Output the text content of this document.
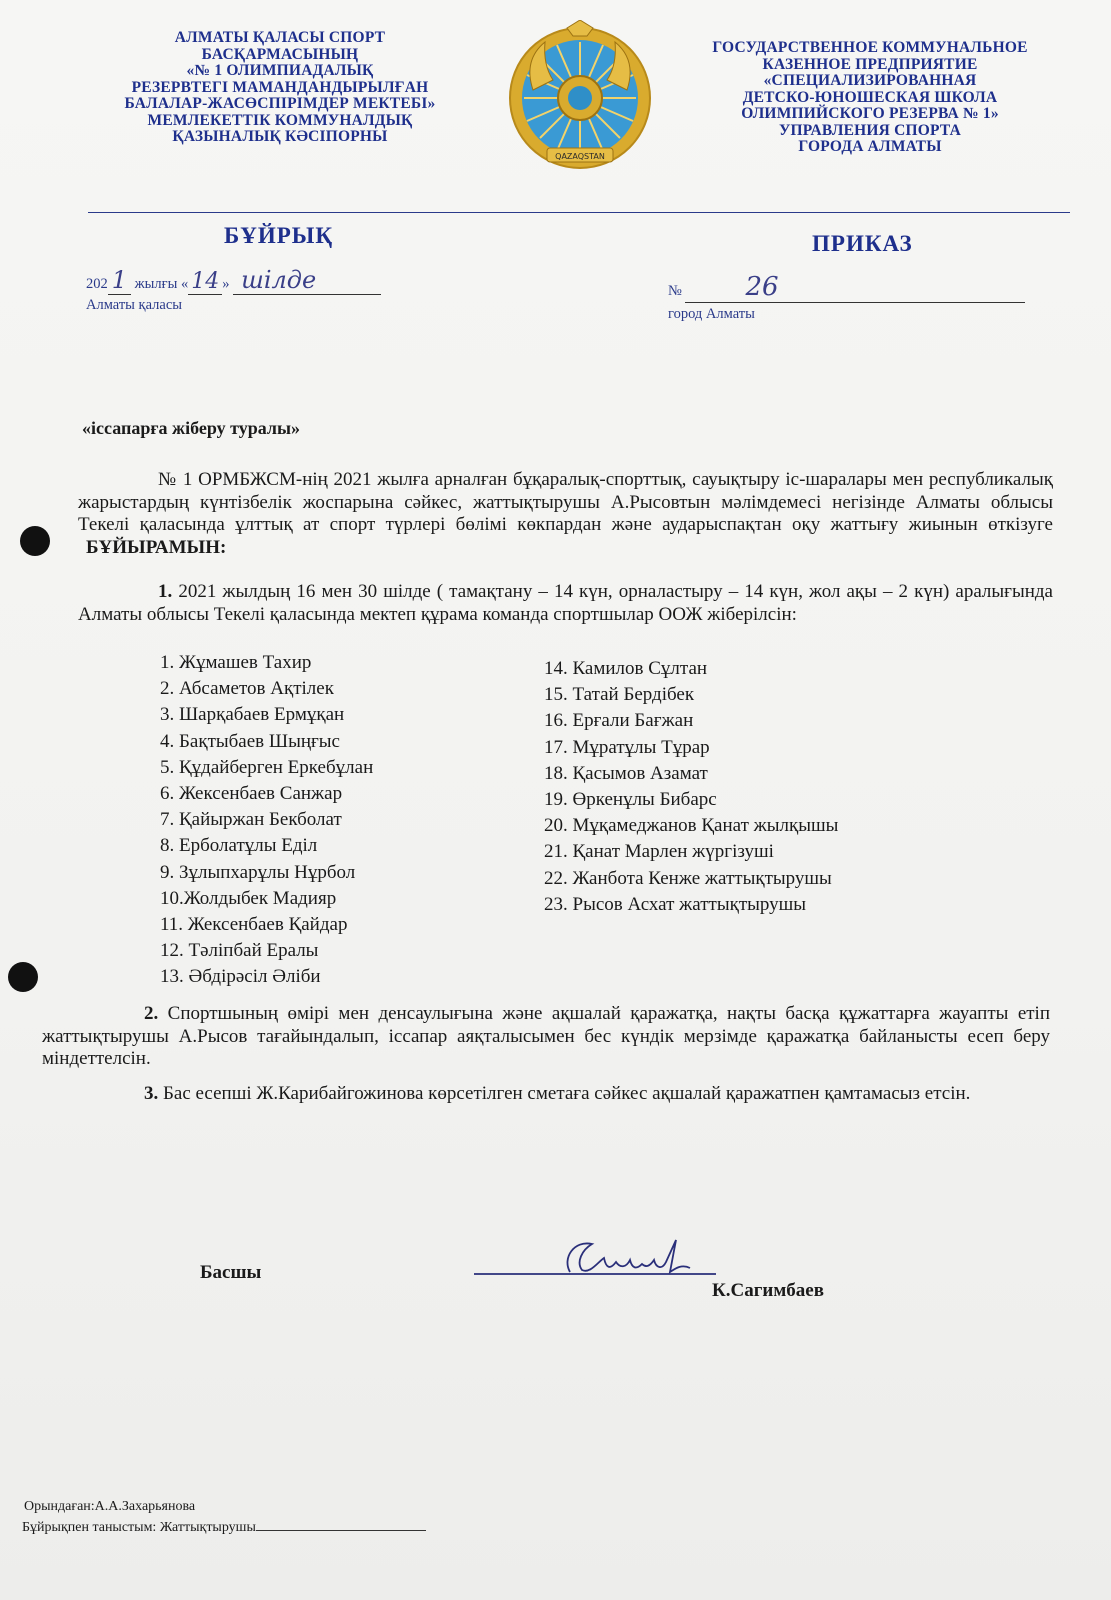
АЛМАТЫ ҚАЛАСЫ СПОРТ
БАСҚАРМАСЫНЫҢ
«№ 1 ОЛИМПИАДАЛЫҚ
РЕЗЕРВТЕГІ МАМАНДАНДЫРЫЛҒАН
БАЛАЛАР-ЖАСӨСПІРІМДЕР МЕКТЕБІ»
МЕМЛЕКЕТТІК КОММУНАЛДЫҚ
ҚАЗЫНАЛЫҚ КӘСІПОРНЫ
QAZAQSTAN
ГОСУДАРСТВЕННОЕ КОММУНАЛЬНОЕ
КАЗЕННОЕ ПРЕДПРИЯТИЕ
«СПЕЦИАЛИЗИРОВАННАЯ
ДЕТСКО-ЮНОШЕСКАЯ ШКОЛА
ОЛИМПИЙСКОГО РЕЗЕРВА № 1»
УПРАВЛЕНИЯ СПОРТА
ГОРОДА АЛМАТЫ
БҰЙРЫҚ	ПРИКАЗ
202 1 жылғы « 14 » шілде
Алматы қаласы
№ 26
город Алматы
«іссапарға жіберу туралы»
№ 1 ОРМБЖСМ-нің 2021 жылға арналған бұқаралық-спорттық, сауықтыру іс-шаралары мен республикалық жарыстардың күнтізбелік жоспарына сәйкес, жаттықтырушы А.Рысовтын мәлімдемесі негізінде Алматы облысы Текелі қаласында ұлттық ат спорт түрлері бөлімі көкпардан және аударыспақтан оқу жаттығу жиынын өткізуге БҰЙЫРАМЫН:
1. 2021 жылдың 16 мен 30 шілде ( тамақтану – 14 күн, орналастыру – 14 күн, жол ақы – 2 күн) аралығында Алматы облысы Текелі қаласында мектеп құрама команда спортшылар ООЖ жіберілсін:
1. Жұмашев Тахир
2. Абсаметов Ақтілек
3. Шарқабаев Ермұқан
4. Бақтыбаев Шыңғыс
5. Құдайберген Еркебұлан
6. Жексенбаев Санжар
7. Қайыржан Бекболат
8. Ерболатұлы Еділ
9. Зұлыпхарұлы Нұрбол
10.Жолдыбек Мадияр
11. Жексенбаев Қайдар
12. Тәліпбай Ералы
13. Әбдірәсіл Әліби
14. Камилов Сұлтан
15. Татай Бердібек
16. Ерғали Бағжан
17. Мұратұлы Тұрар
18. Қасымов Азамат
19. Өркенұлы Бибарс
20. Мұқамеджанов Қанат жылқышы
21. Қанат Марлен жүргізуші
22. Жанбота Кенже жаттықтырушы
23. Рысов Асхат жаттықтырушы
2. Спортшының өмірі мен денсаулығына және ақшалай қаражатқа, нақты басқа құжаттарға жауапты етіп жаттықтырушы А.Рысов тағайындалып, іссапар аяқталысымен бес күндік мерзімде қаражатқа байланысты есеп беру міндеттелсін.
3. Бас есепші Ж.Карибайгожинова көрсетілген сметаға сәйкес ақшалай қаражатпен қамтамасыз етсін.
Басшы
К.Сагимбаев
Орындаған:А.А.Захарьянова
Бұйрықпен таныстым: Жаттықтырушы
